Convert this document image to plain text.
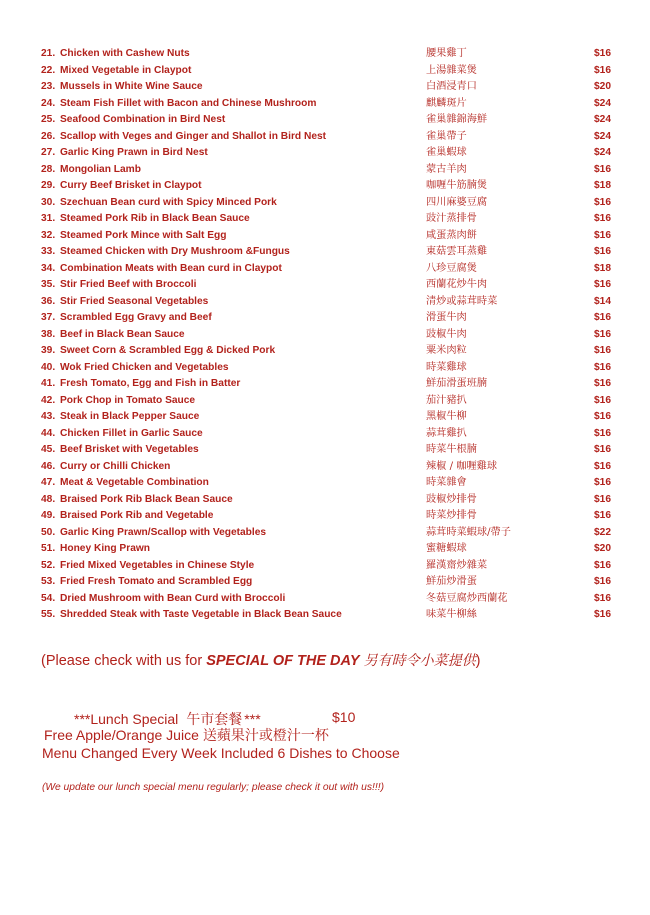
21. Chicken with Cashew Nuts	腰果雞丁	$16
22. Mixed Vegetable in Claypot	上湯雜菜煲	$16
23. Mussels in White Wine Sauce	白酒浸青口	$20
24. Steam Fish Fillet with Bacon and Chinese Mushroom	麒麟斑片	$24
25. Seafood Combination in Bird Nest	雀巢雜錦海鮮	$24
26. Scallop with Veges and Ginger and Shallot in Bird Nest	雀巢帶子	$24
27. Garlic King Prawn in Bird Nest	雀巢蝦球	$24
28. Mongolian Lamb	蒙古羊肉	$16
29. Curry Beef Brisket in Claypot	咖喱牛筋腩煲	$18
30. Szechuan Bean curd with Spicy Minced Pork	四川麻婆豆腐	$16
31. Steamed Pork Rib in Black Bean Sauce	豉汁蒸排骨	$16
32. Steamed Pork Mince with Salt Egg	咸蛋蒸肉餅	$16
33. Steamed Chicken with Dry Mushroom &Fungus	東菇雲耳蒸雞	$16
34. Combination Meats with Bean curd in Claypot	八珍豆腐煲	$18
35. Stir Fried Beef with Broccoli	西蘭花炒牛肉	$16
36. Stir Fried Seasonal Vegetables	清炒或蒜茸時菜	$14
37. Scrambled Egg Gravy and Beef	滑蛋牛肉	$16
38. Beef in Black Bean Sauce	豉椒牛肉	$16
39. Sweet Corn & Scrambled Egg & Dicked Pork	粟米肉粒	$16
40. Wok Fried Chicken and Vegetables	時菜雞球	$16
41. Fresh Tomato, Egg and Fish in Batter	鮮茄滑蛋班腩	$16
42. Pork Chop in Tomato Sauce	茄汁豬扒	$16
43. Steak in Black Pepper Sauce	黑椒牛柳	$16
44. Chicken Fillet in Garlic Sauce	蒜茸雞扒	$16
45. Beef Brisket with Vegetables	時菜牛根腩	$16
46. Curry or Chilli Chicken	辣椒 / 咖喱雞球	$16
47. Meat & Vegetable Combination	時菜雜會	$16
48. Braised Pork Rib Black Bean Sauce	豉椒炒排骨	$16
49. Braised Pork Rib and Vegetable	時菜炒排骨	$16
50. Garlic King Prawn/Scallop with Vegetables	蒜茸時菜蝦球/帶子	$22
51. Honey King Prawn	蜜糖蝦球	$20
52. Fried Mixed Vegetables in Chinese Style	羅漢齋炒雜菜	$16
53. Fried Fresh Tomato and Scrambled Egg	鮮茄炒滑蛋	$16
54. Dried Mushroom with Bean Curd with Broccoli	冬菇豆腐炒西蘭花	$16
55. Shredded Steak with Taste Vegetable in Black Bean Sauce	味菜牛柳絲	$16
(Please check with us for SPECIAL OF THE DAY 另有時令小菜提供)
***Lunch Special 午市套餐 ***	$10
Free Apple/Orange Juice 送蘋果汁或橙汁一杯
Menu Changed Every Week Included 6 Dishes to Choose
(We update our lunch special menu regularly; please check it out with us!!!)
